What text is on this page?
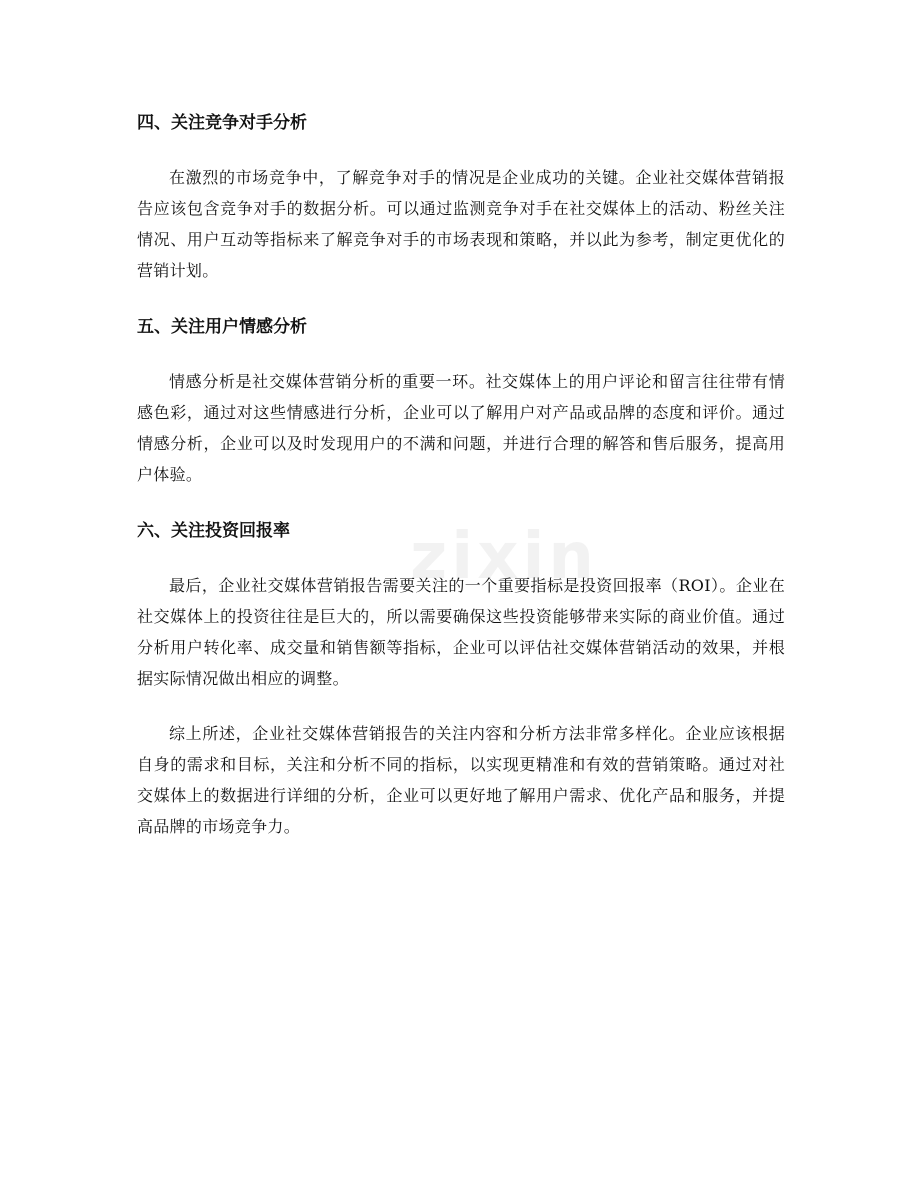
zixin
四、关注竞争对手分析

在激烈的市场竞争中，了解竞争对手的情况是企业成功的关键。企业社交媒体营销报告应该包含竞争对手的数据分析。可以通过监测竞争对手在社交媒体上的活动、粉丝关注情况、用户互动等指标来了解竞争对手的市场表现和策略，并以此为参考，制定更优化的营销计划。

五、关注用户情感分析

情感分析是社交媒体营销分析的重要一环。社交媒体上的用户评论和留言往往带有情感色彩，通过对这些情感进行分析，企业可以了解用户对产品或品牌的态度和评价。通过情感分析，企业可以及时发现用户的不满和问题，并进行合理的解答和售后服务，提高用户体验。

六、关注投资回报率

最后，企业社交媒体营销报告需要关注的一个重要指标是投资回报率（ROI）。企业在社交媒体上的投资往往是巨大的，所以需要确保这些投资能够带来实际的商业价值。通过分析用户转化率、成交量和销售额等指标，企业可以评估社交媒体营销活动的效果，并根据实际情况做出相应的调整。

综上所述，企业社交媒体营销报告的关注内容和分析方法非常多样化。企业应该根据自身的需求和目标，关注和分析不同的指标，以实现更精准和有效的营销策略。通过对社交媒体上的数据进行详细的分析，企业可以更好地了解用户需求、优化产品和服务，并提高品牌的市场竞争力。
